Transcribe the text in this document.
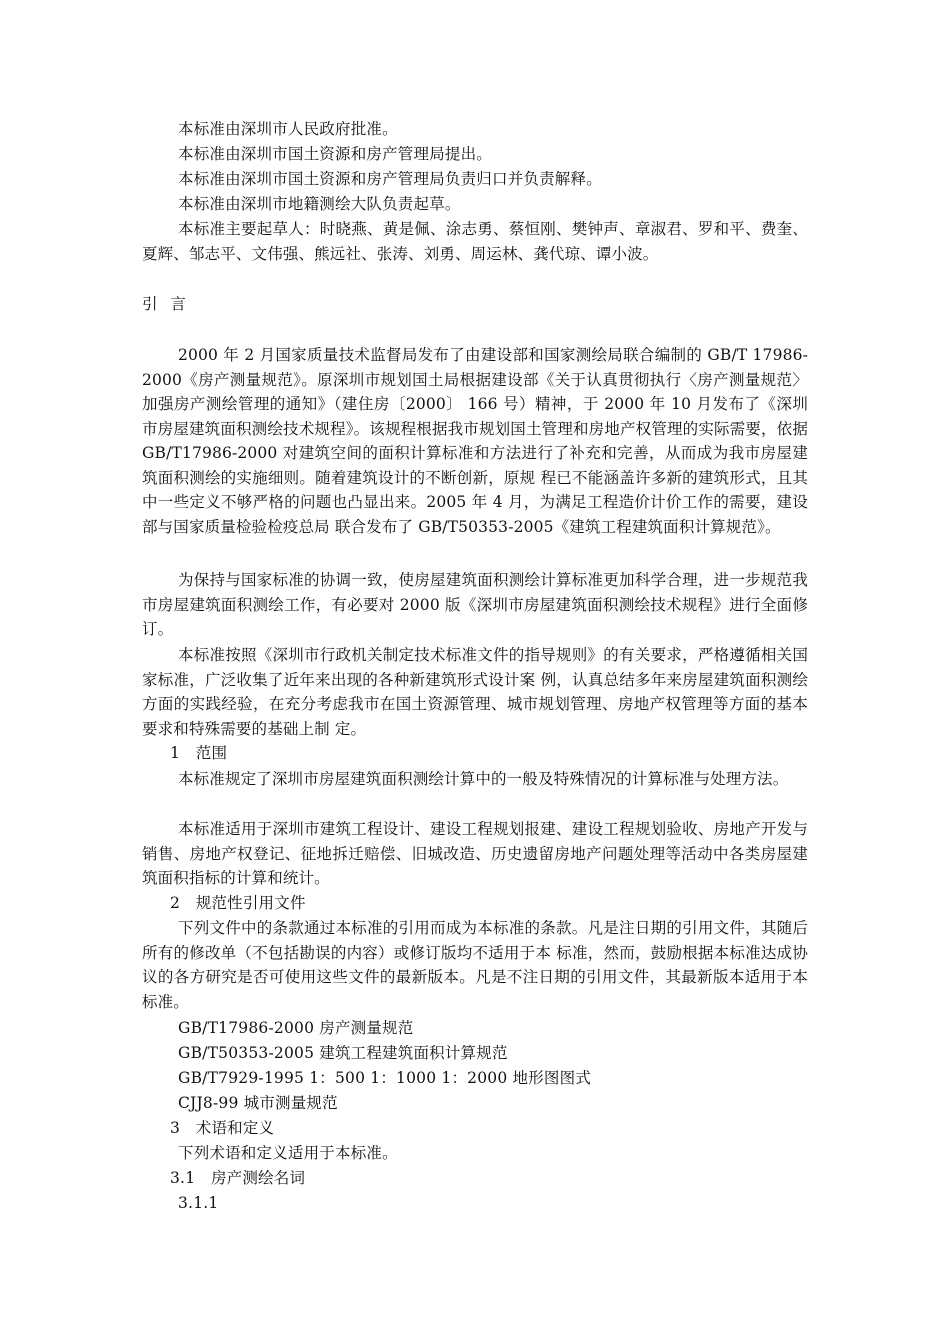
本标准由深圳市人民政府批准。
本标准由深圳市国土资源和房产管理局提出。
本标准由深圳市国土资源和房产管理局负责归口并负责解释。
本标准由深圳市地籍测绘大队负责起草。
本标准主要起草人：时晓燕、黄是佩、涂志勇、蔡恒刚、樊钟声、章淑君、罗和平、费奎、夏辉、邹志平、文伟强、熊远社、张涛、刘勇、周运林、龚代琼、谭小波。
引 言
2000 年 2 月国家质量技术监督局发布了由建设部和国家测绘局联合编制的 GB/T 17986-2000《房产测量规范》。原深圳市规划国土局根据建设部《关于认真贯彻执行〈房产测量规范〉加强房产测绘管理的通知》（建住房〔2000〕 166 号）精神，于 2000 年 10 月发布了《深圳市房屋建筑面积测绘技术规程》。该规程根据我市规划国土管理和房地产权管理的实际需要，依据 GB/T17986-2000 对建筑空间的面积计算标准和方法进行了补充和完善，从而成为我市房屋建筑面积测绘的实施细则。随着建筑设计的不断创新，原规 程已不能涵盖许多新的建筑形式，且其中一些定义不够严格的问题也凸显出来。2005 年 4 月，为满足工程造价计价工作的需要，建设部与国家质量检验检疫总局 联合发布了 GB/T50353-2005《建筑工程建筑面积计算规范》。
为保持与国家标准的协调一致，使房屋建筑面积测绘计算标准更加科学合理，进一步规范我市房屋建筑面积测绘工作，有必要对 2000 版《深圳市房屋建筑面积测绘技术规程》进行全面修订。
本标准按照《深圳市行政机关制定技术标准文件的指导规则》的有关要求，严格遵循相关国家标准，广泛收集了近年来出现的各种新建筑形式设计案 例，认真总结多年来房屋建筑面积测绘方面的实践经验，在充分考虑我市在国土资源管理、城市规划管理、房地产权管理等方面的基本要求和特殊需要的基础上制 定。
1　范围
本标准规定了深圳市房屋建筑面积测绘计算中的一般及特殊情况的计算标准与处理方法。
本标准适用于深圳市建筑工程设计、建设工程规划报建、建设工程规划验收、房地产开发与销售、房地产权登记、征地拆迁赔偿、旧城改造、历史遗留房地产问题处理等活动中各类房屋建筑面积指标的计算和统计。
2　规范性引用文件
下列文件中的条款通过本标准的引用而成为本标准的条款。凡是注日期的引用文件，其随后所有的修改单（不包括勘误的内容）或修订版均不适用于本 标准，然而，鼓励根据本标准达成协议的各方研究是否可使用这些文件的最新版本。凡是不注日期的引用文件，其最新版本适用于本标准。
GB/T17986-2000 房产测量规范
GB/T50353-2005 建筑工程建筑面积计算规范
GB/T7929-1995 1：500 1：1000 1：2000 地形图图式
CJJ8-99 城市测量规范
3　术语和定义
下列术语和定义适用于本标准。
3.1　房产测绘名词
3.1.1
